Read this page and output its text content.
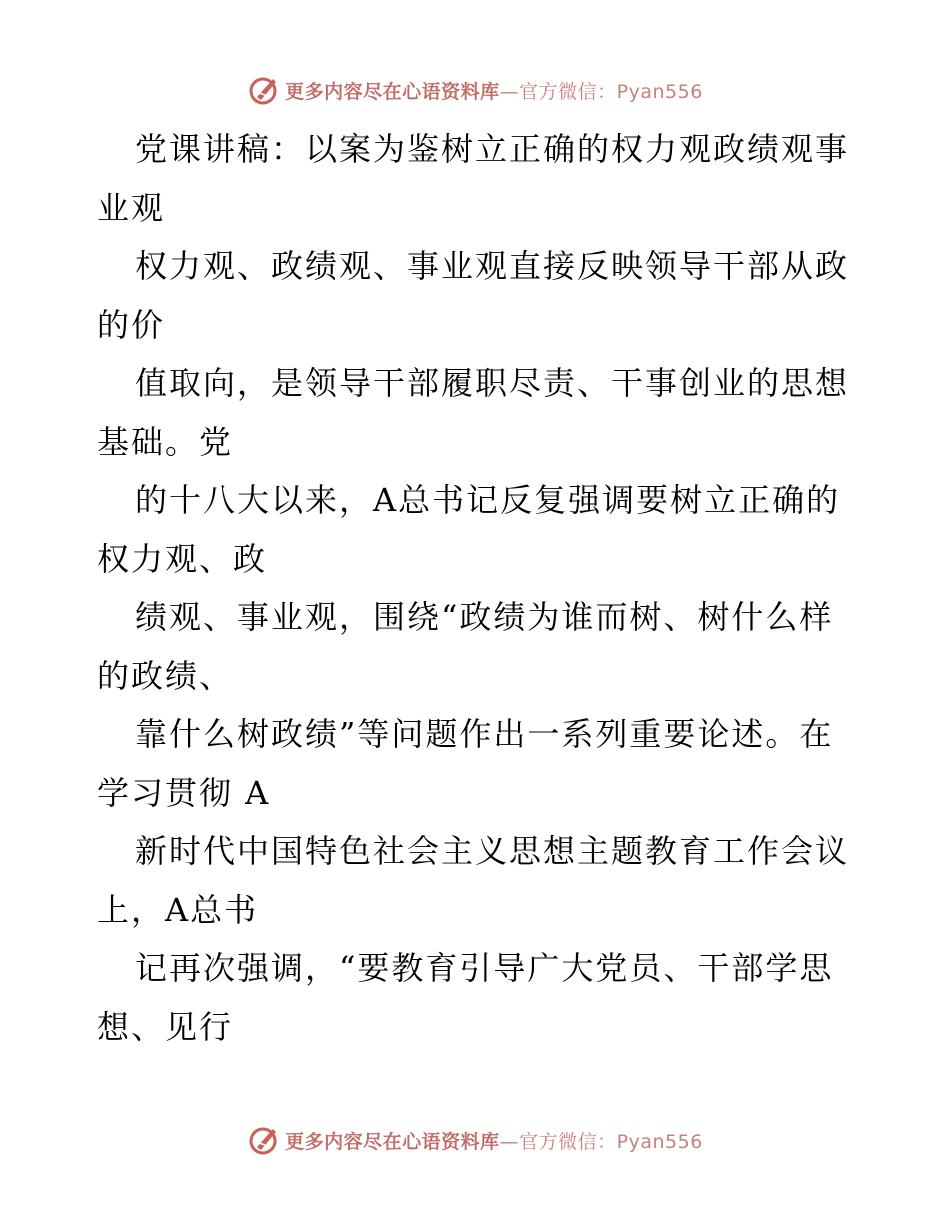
更多内容尽在心语资料库—官方微信：Pyan556
党课讲稿：以案为鉴树立正确的权力观政绩观事
业观
权力观、政绩观、事业观直接反映领导干部从政
的价
值取向，是领导干部履职尽责、干事创业的思想
基础。党
的十八大以来，A总书记反复强调要树立正确的
权力观、政
绩观、事业观，围绕“政绩为谁而树、树什么样
的政绩、
靠什么树政绩”等问题作出一系列重要论述。在
学习贯彻 A
新时代中国特色社会主义思想主题教育工作会议
上，A总书
记再次强调，“要教育引导广大党员、干部学思
想、见行
更多内容尽在心语资料库—官方微信：Pyan556
